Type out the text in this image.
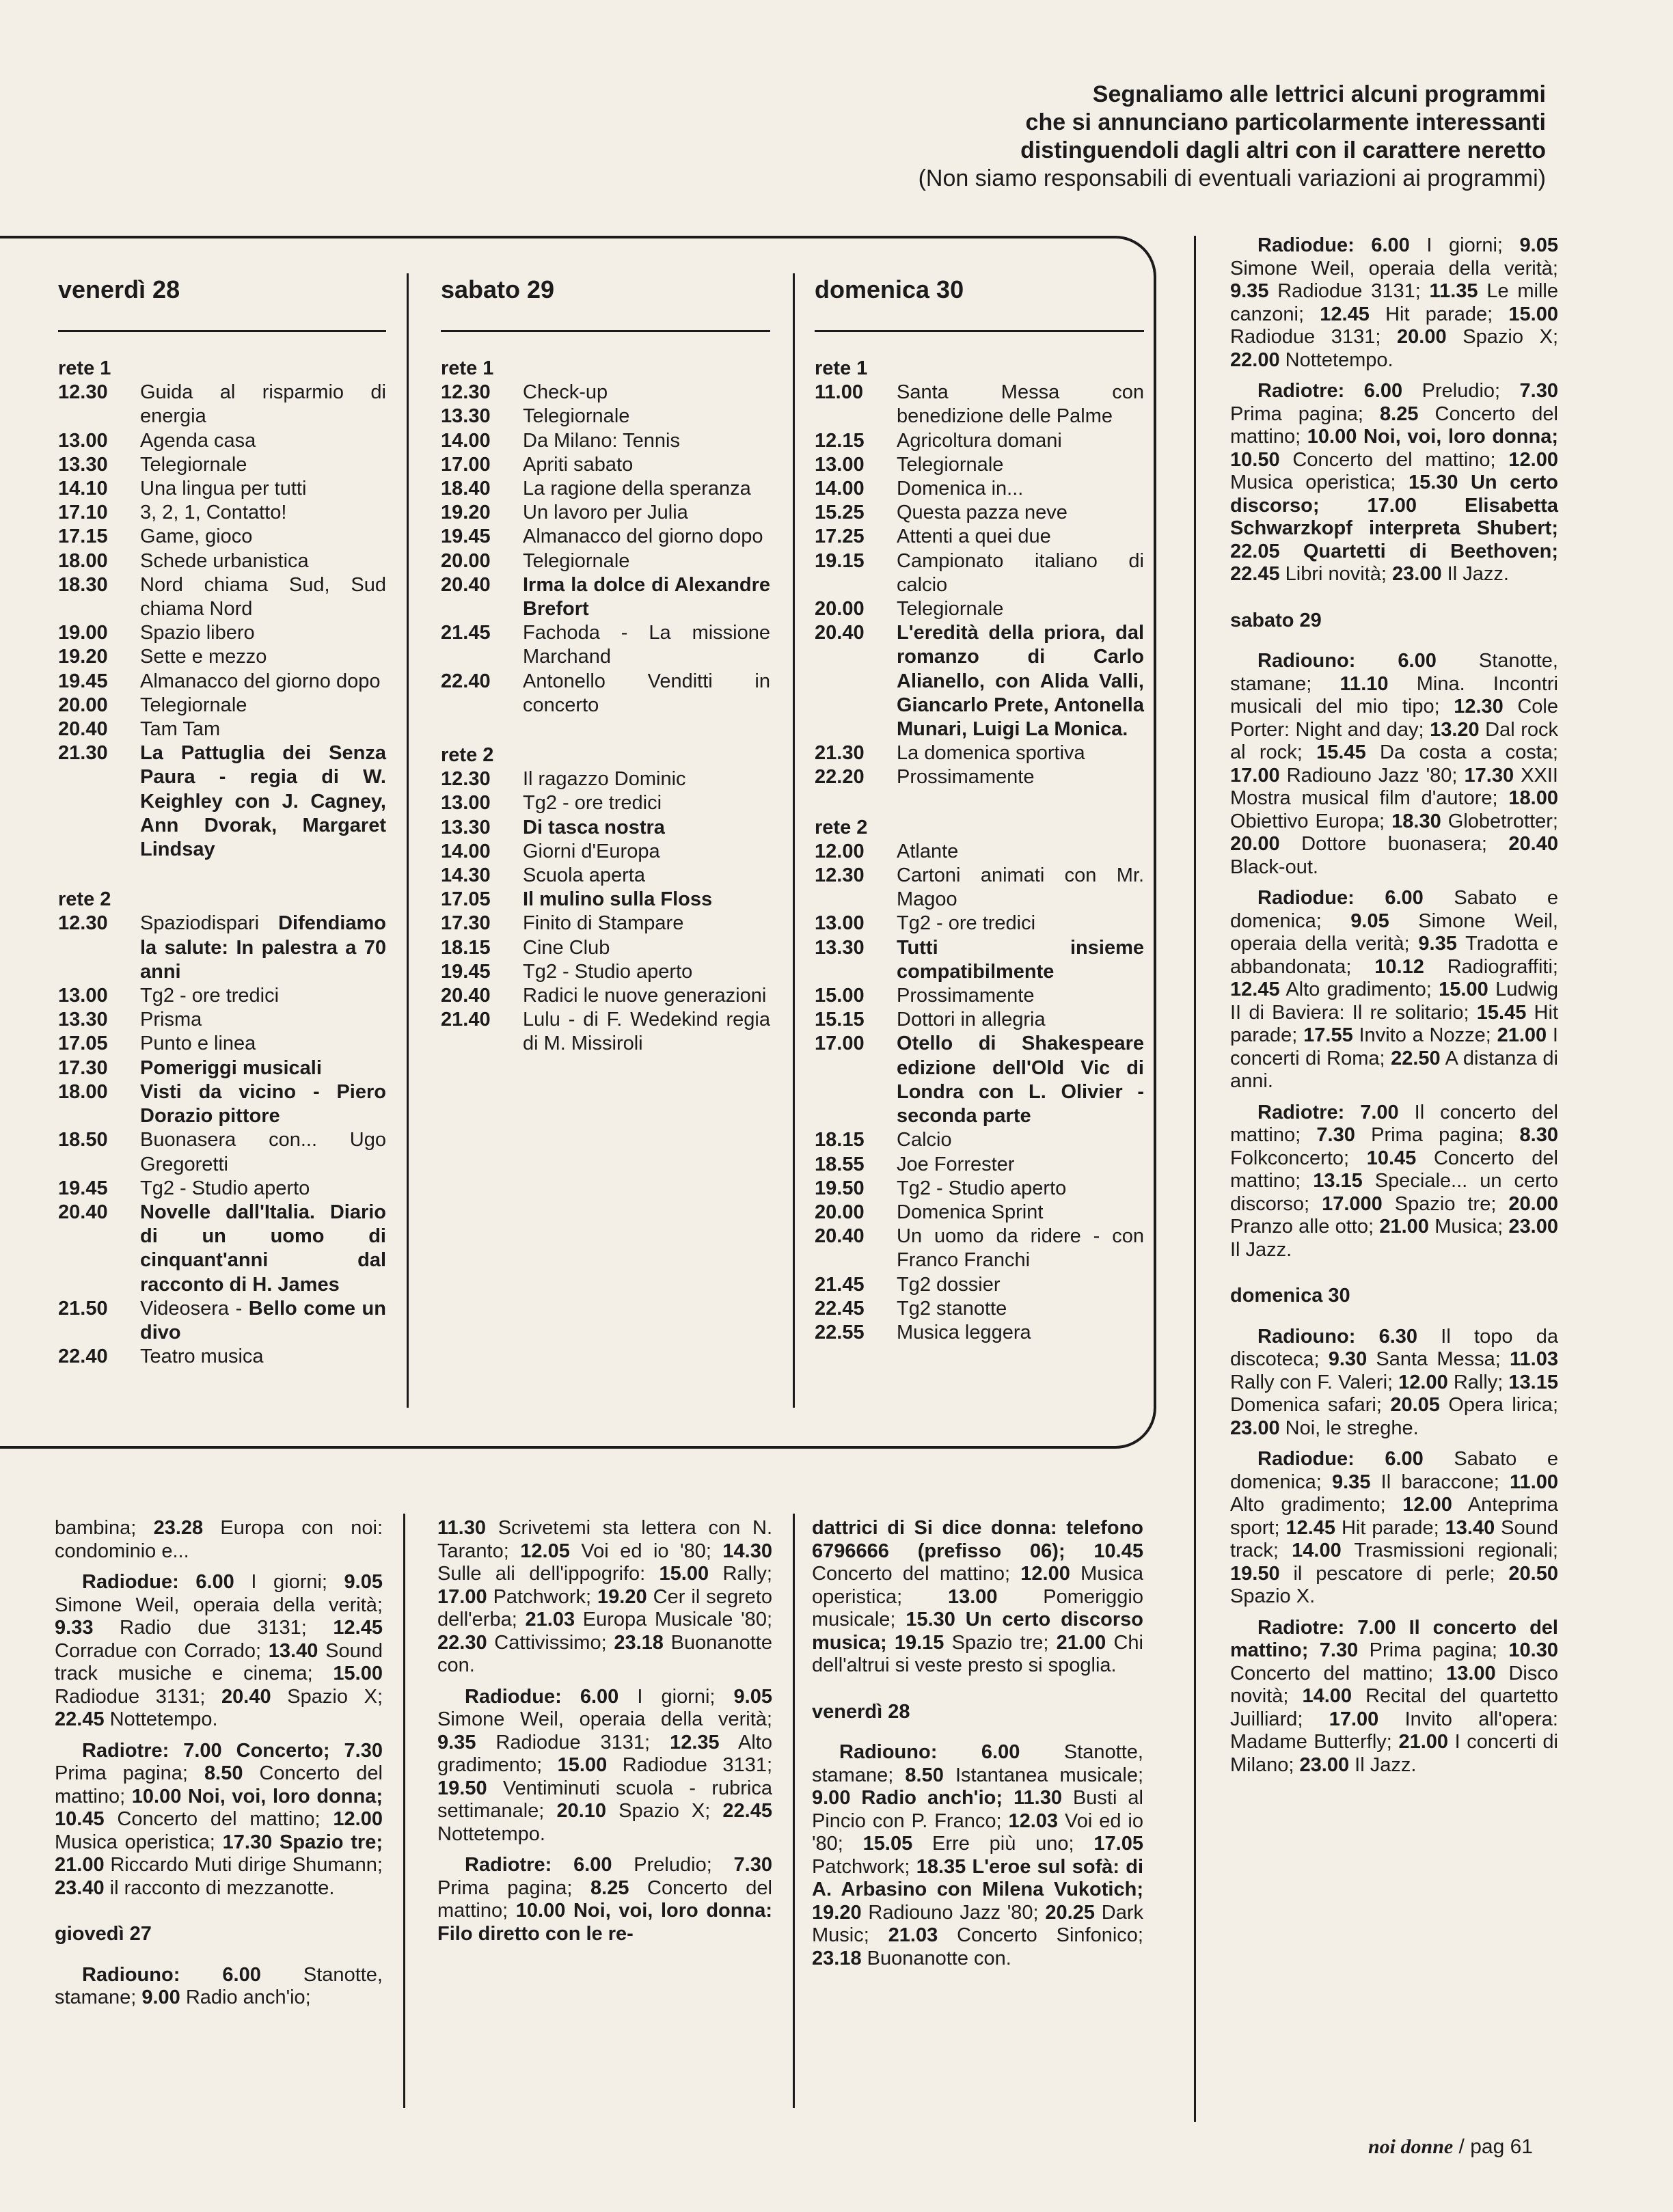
Segnaliamo alle lettrici alcuni programmi
che si annunciano particolarmente interessanti
distinguendoli dagli altri con il carattere neretto
(Non siamo responsabili di eventuali variazioni ai programmi)
venerdì 28
rete 1
12.30	Guida al risparmio di energia
13.00	Agenda casa
13.30	Telegiornale
14.10	Una lingua per tutti
17.10	3, 2, 1, Contatto!
17.15	Game, gioco
18.00	Schede urbanistica
18.30	Nord chiama Sud, Sud chiama Nord
19.00	Spazio libero
19.20	Sette e mezzo
19.45	Almanacco del giorno dopo
20.00	Telegiornale
20.40	Tam Tam
21.30	La Pattuglia dei Senza Paura - regia di W. Keighley con J. Cagney, Ann Dvorak, Margaret Lindsay
rete 2
12.30	Spaziodispari Difendiamo la salute: In palestra a 70 anni
13.00	Tg2 - ore tredici
13.30	Prisma
17.05	Punto e linea
17.30	Pomeriggi musicali
18.00	Visti da vicino - Piero Dorazio pittore
18.50	Buonasera con... Ugo Gregoretti
19.45	Tg2 - Studio aperto
20.40	Novelle dall'Italia. Diario di un uomo di cinquant'anni dal racconto di H. James
21.50	Videosera - Bello come un divo
22.40	Teatro musica
sabato 29
rete 1
12.30	Check-up
13.30	Telegiornale
14.00	Da Milano: Tennis
17.00	Apriti sabato
18.40	La ragione della speranza
19.20	Un lavoro per Julia
19.45	Almanacco del giorno dopo
20.00	Telegiornale
20.40	Irma la dolce di Alexandre Brefort
21.45	Fachoda - La missione Marchand
22.40	Antonello Venditti in concerto
rete 2
12.30	Il ragazzo Dominic
13.00	Tg2 - ore tredici
13.30	Di tasca nostra
14.00	Giorni d'Europa
14.30	Scuola aperta
17.05	Il mulino sulla Floss
17.30	Finito di Stampare
18.15	Cine Club
19.45	Tg2 - Studio aperto
20.40	Radici le nuove generazioni
21.40	Lulu - di F. Wedekind regia di M. Missiroli
domenica 30
rete 1
11.00	Santa Messa con benedizione delle Palme
12.15	Agricoltura domani
13.00	Telegiornale
14.00	Domenica in...
15.25	Questa pazza neve
17.25	Attenti a quei due
19.15	Campionato italiano di calcio
20.00	Telegiornale
20.40	L'eredità della priora, dal romanzo di Carlo Alianello, con Alida Valli, Giancarlo Prete, Antonella Munari, Luigi La Monica.
21.30	La domenica sportiva
22.20	Prossimamente
rete 2
12.00	Atlante
12.30	Cartoni animati con Mr. Magoo
13.00	Tg2 - ore tredici
13.30	Tutti insieme compatibilmente
15.00	Prossimamente
15.15	Dottori in allegria
17.00	Otello di Shakespeare edizione dell'Old Vic di Londra con L. Olivier - seconda parte
18.15	Calcio
18.55	Joe Forrester
19.50	Tg2 - Studio aperto
20.00	Domenica Sprint
20.40	Un uomo da ridere - con Franco Franchi
21.45	Tg2 dossier
22.45	Tg2 stanotte
22.55	Musica leggera

Radiodue: 6.00 I giorni; 9.05 Simone Weil, operaia della verità; 9.35 Radiodue 3131; 11.35 Le mille canzoni; 12.45 Hit parade; 15.00 Radiodue 3131; 20.00 Spazio X; 22.00 Nottetempo.

Radiotre: 6.00 Preludio; 7.30 Prima pagina; 8.25 Concerto del mattino; 10.00 Noi, voi, loro donna; 10.50 Concerto del mattino; 12.00 Musica operistica; 15.30 Un certo discorso; 17.00 Elisabetta Schwarzkopf interpreta Shubert; 22.05 Quartetti di Beethoven; 22.45 Libri novità; 23.00 Il Jazz.

sabato 29

Radiouno: 6.00 Stanotte, stamane; 11.10 Mina. Incontri musicali del mio tipo; 12.30 Cole Porter: Night and day; 13.20 Dal rock al rock; 15.45 Da costa a costa; 17.00 Radiouno Jazz '80; 17.30 XXII Mostra musical film d'autore; 18.00 Obiettivo Europa; 18.30 Globetrotter; 20.00 Dottore buonasera; 20.40 Black-out.

Radiodue: 6.00 Sabato e domenica; 9.05 Simone Weil, operaia della verità; 9.35 Tradotta e abbandonata; 10.12 Radiograffiti; 12.45 Alto gradimento; 15.00 Ludwig II di Baviera: Il re solitario; 15.45 Hit parade; 17.55 Invito a Nozze; 21.00 I concerti di Roma; 22.50 A distanza di anni.

Radiotre: 7.00 Il concerto del mattino; 7.30 Prima pagina; 8.30 Folkconcerto; 10.45 Concerto del mattino; 13.15 Speciale... un certo discorso; 17.000 Spazio tre; 20.00 Pranzo alle otto; 21.00 Musica; 23.00 Il Jazz.

domenica 30

Radiouno: 6.30 Il topo da discoteca; 9.30 Santa Messa; 11.03 Rally con F. Valeri; 12.00 Rally; 13.15 Domenica safari; 20.05 Opera lirica; 23.00 Noi, le streghe.

Radiodue: 6.00 Sabato e domenica; 9.35 Il baraccone; 11.00 Alto gradimento; 12.00 Anteprima sport; 12.45 Hit parade; 13.40 Sound track; 14.00 Trasmissioni regionali; 19.50 il pescatore di perle; 20.50 Spazio X.

Radiotre: 7.00 Il concerto del mattino; 7.30 Prima pagina; 10.30 Concerto del mattino; 13.00 Disco novità; 14.00 Recital del quartetto Juilliard; 17.00 Invito all'opera: Madame Butterfly; 21.00 I concerti di Milano; 23.00 Il Jazz.

bambina; 23.28 Europa con noi: condominio e...

Radiodue: 6.00 I giorni; 9.05 Simone Weil, operaia della verità; 9.33 Radio due 3131; 12.45 Corradue con Corrado; 13.40 Sound track musiche e cinema; 15.00 Radiodue 3131; 20.40 Spazio X; 22.45 Nottetempo.

Radiotre: 7.00 Concerto; 7.30 Prima pagina; 8.50 Concerto del mattino; 10.00 Noi, voi, loro donna; 10.45 Concerto del mattino; 12.00 Musica operistica; 17.30 Spazio tre; 21.00 Riccardo Muti dirige Shumann; 23.40 il racconto di mezzanotte.

giovedì 27

Radiouno: 6.00 Stanotte, stamane; 9.00 Radio anch'io;

11.30 Scrivetemi sta lettera con N. Taranto; 12.05 Voi ed io '80; 14.30 Sulle ali dell'ippogrifo: 15.00 Rally; 17.00 Patchwork; 19.20 Cer il segreto dell'erba; 21.03 Europa Musicale '80; 22.30 Cattivissimo; 23.18 Buonanotte con.

Radiodue: 6.00 I giorni; 9.05 Simone Weil, operaia della verità; 9.35 Radiodue 3131; 12.35 Alto gradimento; 15.00 Radiodue 3131; 19.50 Ventiminuti scuola - rubrica settimanale; 20.10 Spazio X; 22.45 Nottetempo.

Radiotre: 6.00 Preludio; 7.30 Prima pagina; 8.25 Concerto del mattino; 10.00 Noi, voi, loro donna: Filo diretto con le re-

dattrici di Si dice donna: telefono 6796666 (prefisso 06); 10.45 Concerto del mattino; 12.00 Musica operistica; 13.00 Pomeriggio musicale; 15.30 Un certo discorso musica; 19.15 Spazio tre; 21.00 Chi dell'altrui si veste presto si spoglia.

venerdì 28

Radiouno: 6.00 Stanotte, stamane; 8.50 Istantanea musicale; 9.00 Radio anch'io; 11.30 Busti al Pincio con P. Franco; 12.03 Voi ed io '80; 15.05 Erre più uno; 17.05 Patchwork; 18.35 L'eroe sul sofà: di A. Arbasino con Milena Vukotich; 19.20 Radiouno Jazz '80; 20.25 Dark Music; 21.03 Concerto Sinfonico; 23.18 Buonanotte con.

noi donne / pag 61
